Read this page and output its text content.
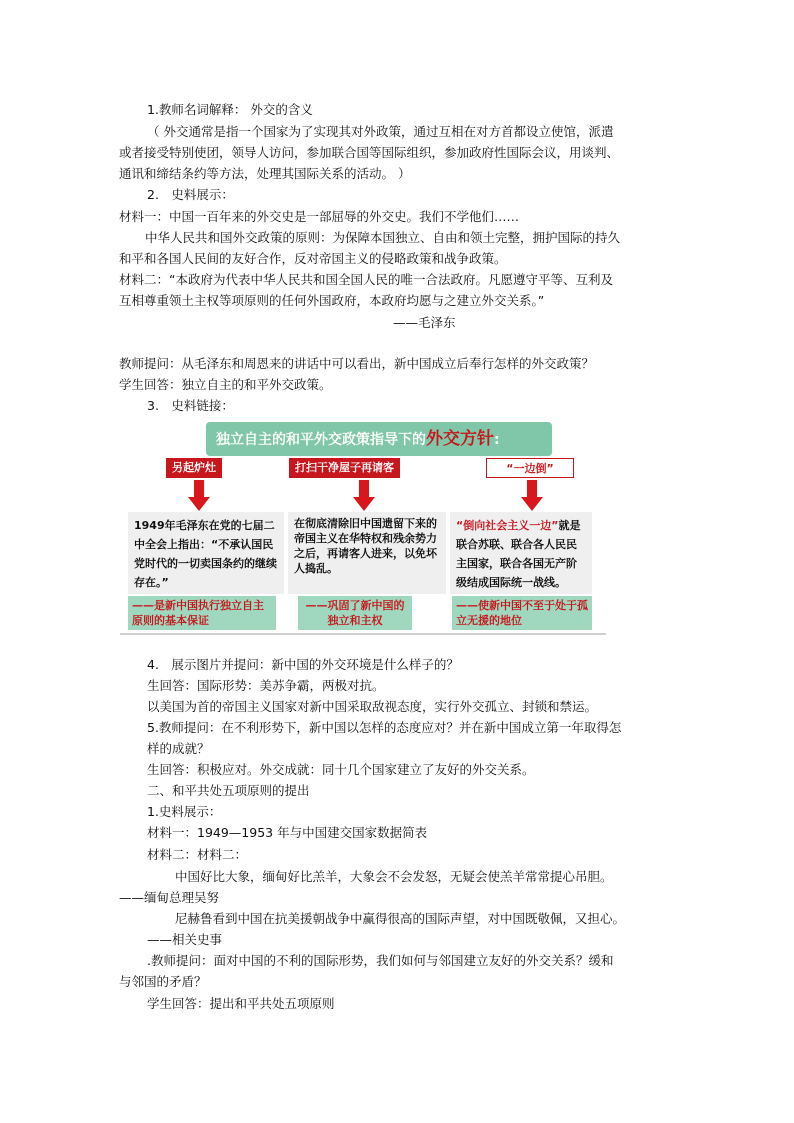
1.教师名词解释： 外交的含义
（ 外交通常是指一个国家为了实现其对外政策，通过互相在对方首都设立使馆，派遣
或者接受特别使团，领导人访问，参加联合国等国际组织，参加政府性国际会议，用谈判、
通讯和缔结条约等方法，处理其国际关系的活动。 ）
2.　史料展示：
材料一：中国一百年来的外交史是一部屈辱的外交史。我们不学他们……
中华人民共和国外交政策的原则：为保障本国独立、自由和领土完整，拥护国际的持久
和平和各国人民间的友好合作，反对帝国主义的侵略政策和战争政策。
材料二：“本政府为代表中华人民共和国全国人民的唯一合法政府。凡愿遵守平等、互利及
互相尊重领土主权等项原则的任何外国政府，本政府均愿与之建立外交关系。”
——毛泽东
教师提问：从毛泽东和周恩来的讲话中可以看出，新中国成立后奉行怎样的外交政策？
学生回答：独立自主的和平外交政策。
3.　史料链接：
独立自主的和平外交政策指导下的外交方针:
另起炉灶	打扫干净屋子再请客	“一边倒”
1949年毛泽东在党的七届二中全会上指出：“不承认国民党时代的一切卖国条约的继续存在。”
在彻底清除旧中国遗留下来的帝国主义在华特权和残余势力之后，再请客人进来，以免坏人捣乱。
“倒向社会主义一边”就是联合苏联、联合各人民民主国家，联合各国无产阶级结成国际统一战线。
——是新中国执行独立自主原则的基本保证
——巩固了新中国的独立和主权
——使新中国不至于处于孤立无援的地位
4.　展示图片并提问：新中国的外交环境是什么样子的？
生回答：国际形势：美苏争霸，两极对抗。
以美国为首的帝国主义国家对新中国采取敌视态度，实行外交孤立、封锁和禁运。
5.教师提问：在不利形势下，新中国以怎样的态度应对？并在新中国成立第一年取得怎
样的成就？
生回答：积极应对。外交成就：同十几个国家建立了友好的外交关系。
二、和平共处五项原则的提出
1.史料展示：
材料一：1949—1953 年与中国建交国家数据简表
材料二：材料二：
中国好比大象，缅甸好比羔羊，大象会不会发怒，无疑会使羔羊常常提心吊胆。
——缅甸总理吴努
尼赫鲁看到中国在抗美援朝战争中赢得很高的国际声望，对中国既敬佩，又担心。
——相关史事
.教师提问：面对中国的不利的国际形势，我们如何与邻国建立友好的外交关系？缓和
与邻国的矛盾？
学生回答：提出和平共处五项原则
